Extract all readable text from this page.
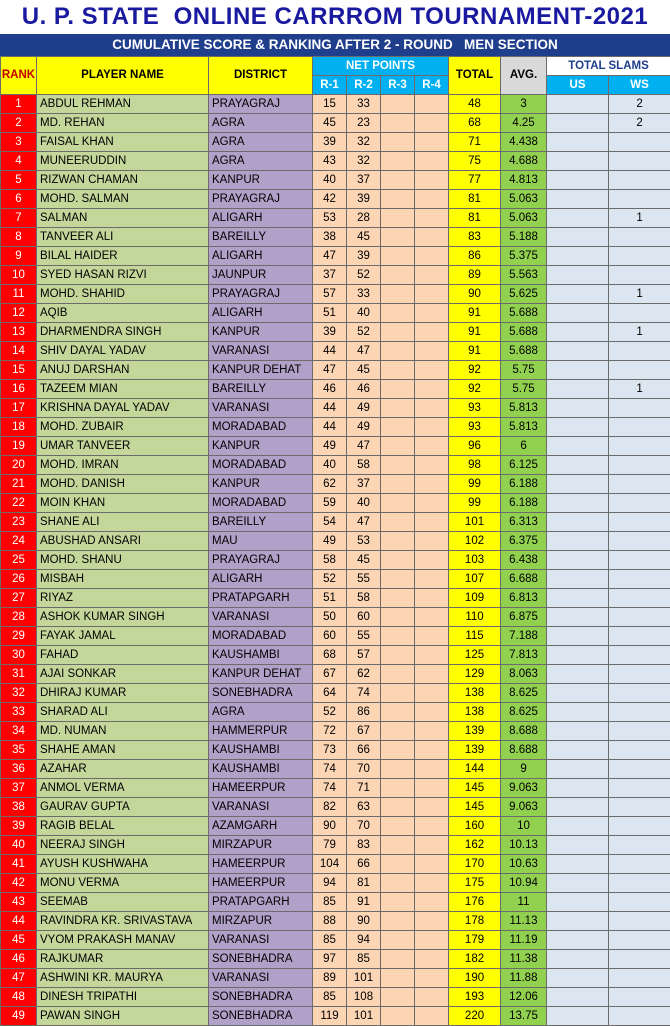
U. P. STATE  ONLINE CARRROM TOURNAMENT-2021
CUMULATIVE SCORE & RANKING AFTER 2 - ROUND   MEN SECTION
RANK	PLAYER NAME	DISTRICT	NET POINTS				TOTAL	AVG.	TOTAL SLAMS	
			R-1	R-2	R-3	R-4			US	WS
1	ABDUL REHMAN	PRAYAGRAJ	15	33			48	3		2
2	MD. REHAN	AGRA	45	23			68	4.25		2
3	FAISAL KHAN	AGRA	39	32			71	4.438		
4	MUNEERUDDIN	AGRA	43	32			75	4.688		
5	RIZWAN CHAMAN	KANPUR	40	37			77	4.813		
6	MOHD. SALMAN	PRAYAGRAJ	42	39			81	5.063		
7	SALMAN	ALIGARH	53	28			81	5.063		1
8	TANVEER ALI	BAREILLY	38	45			83	5.188		
9	BILAL HAIDER	ALIGARH	47	39			86	5.375		
10	SYED HASAN RIZVI	JAUNPUR	37	52			89	5.563		
11	MOHD. SHAHID	PRAYAGRAJ	57	33			90	5.625		1
12	AQIB	ALIGARH	51	40			91	5.688		
13	DHARMENDRA SINGH	KANPUR	39	52			91	5.688		1
14	SHIV DAYAL YADAV	VARANASI	44	47			91	5.688		
15	ANUJ DARSHAN	KANPUR DEHAT	47	45			92	5.75		
16	TAZEEM MIAN	BAREILLY	46	46			92	5.75		1
17	KRISHNA DAYAL YADAV	VARANASI	44	49			93	5.813		
18	MOHD. ZUBAIR	MORADABAD	44	49			93	5.813		
19	UMAR TANVEER	KANPUR	49	47			96	6		
20	MOHD. IMRAN	MORADABAD	40	58			98	6.125		
21	MOHD. DANISH	KANPUR	62	37			99	6.188		
22	MOIN KHAN	MORADABAD	59	40			99	6.188		
23	SHANE ALI	BAREILLY	54	47			101	6.313		
24	ABUSHAD ANSARI	MAU	49	53			102	6.375		
25	MOHD. SHANU	PRAYAGRAJ	58	45			103	6.438		
26	MISBAH	ALIGARH	52	55			107	6.688		
27	RIYAZ	PRATAPGARH	51	58			109	6.813		
28	ASHOK KUMAR SINGH	VARANASI	50	60			110	6.875		
29	FAYAK JAMAL	MORADABAD	60	55			115	7.188		
30	FAHAD	KAUSHAMBI	68	57			125	7.813		
31	AJAI SONKAR	KANPUR DEHAT	67	62			129	8.063		
32	DHIRAJ KUMAR	SONEBHADRA	64	74			138	8.625		
33	SHARAD ALI	AGRA	52	86			138	8.625		
34	MD. NUMAN	HAMMERPUR	72	67			139	8.688		
35	SHAHE AMAN	KAUSHAMBI	73	66			139	8.688		
36	AZAHAR	KAUSHAMBI	74	70			144	9		
37	ANMOL VERMA	HAMEERPUR	74	71			145	9.063		
38	GAURAV GUPTA	VARANASI	82	63			145	9.063		
39	RAGIB BELAL	AZAMGARH	90	70			160	10		
40	NEERAJ SINGH	MIRZAPUR	79	83			162	10.13		
41	AYUSH KUSHWAHA	HAMEERPUR	104	66			170	10.63		
42	MONU VERMA	HAMEERPUR	94	81			175	10.94		
43	SEEMAB	PRATAPGARH	85	91			176	11		
44	RAVINDRA KR. SRIVASTAVA	MIRZAPUR	88	90			178	11.13		
45	VYOM PRAKASH MANAV	VARANASI	85	94			179	11.19		
46	RAJKUMAR	SONEBHADRA	97	85			182	11.38		
47	ASHWINI KR. MAURYA	VARANASI	89	101			190	11.88		
48	DINESH TRIPATHI	SONEBHADRA	85	108			193	12.06		
49	PAWAN SINGH	SONEBHADRA	119	101			220	13.75		
